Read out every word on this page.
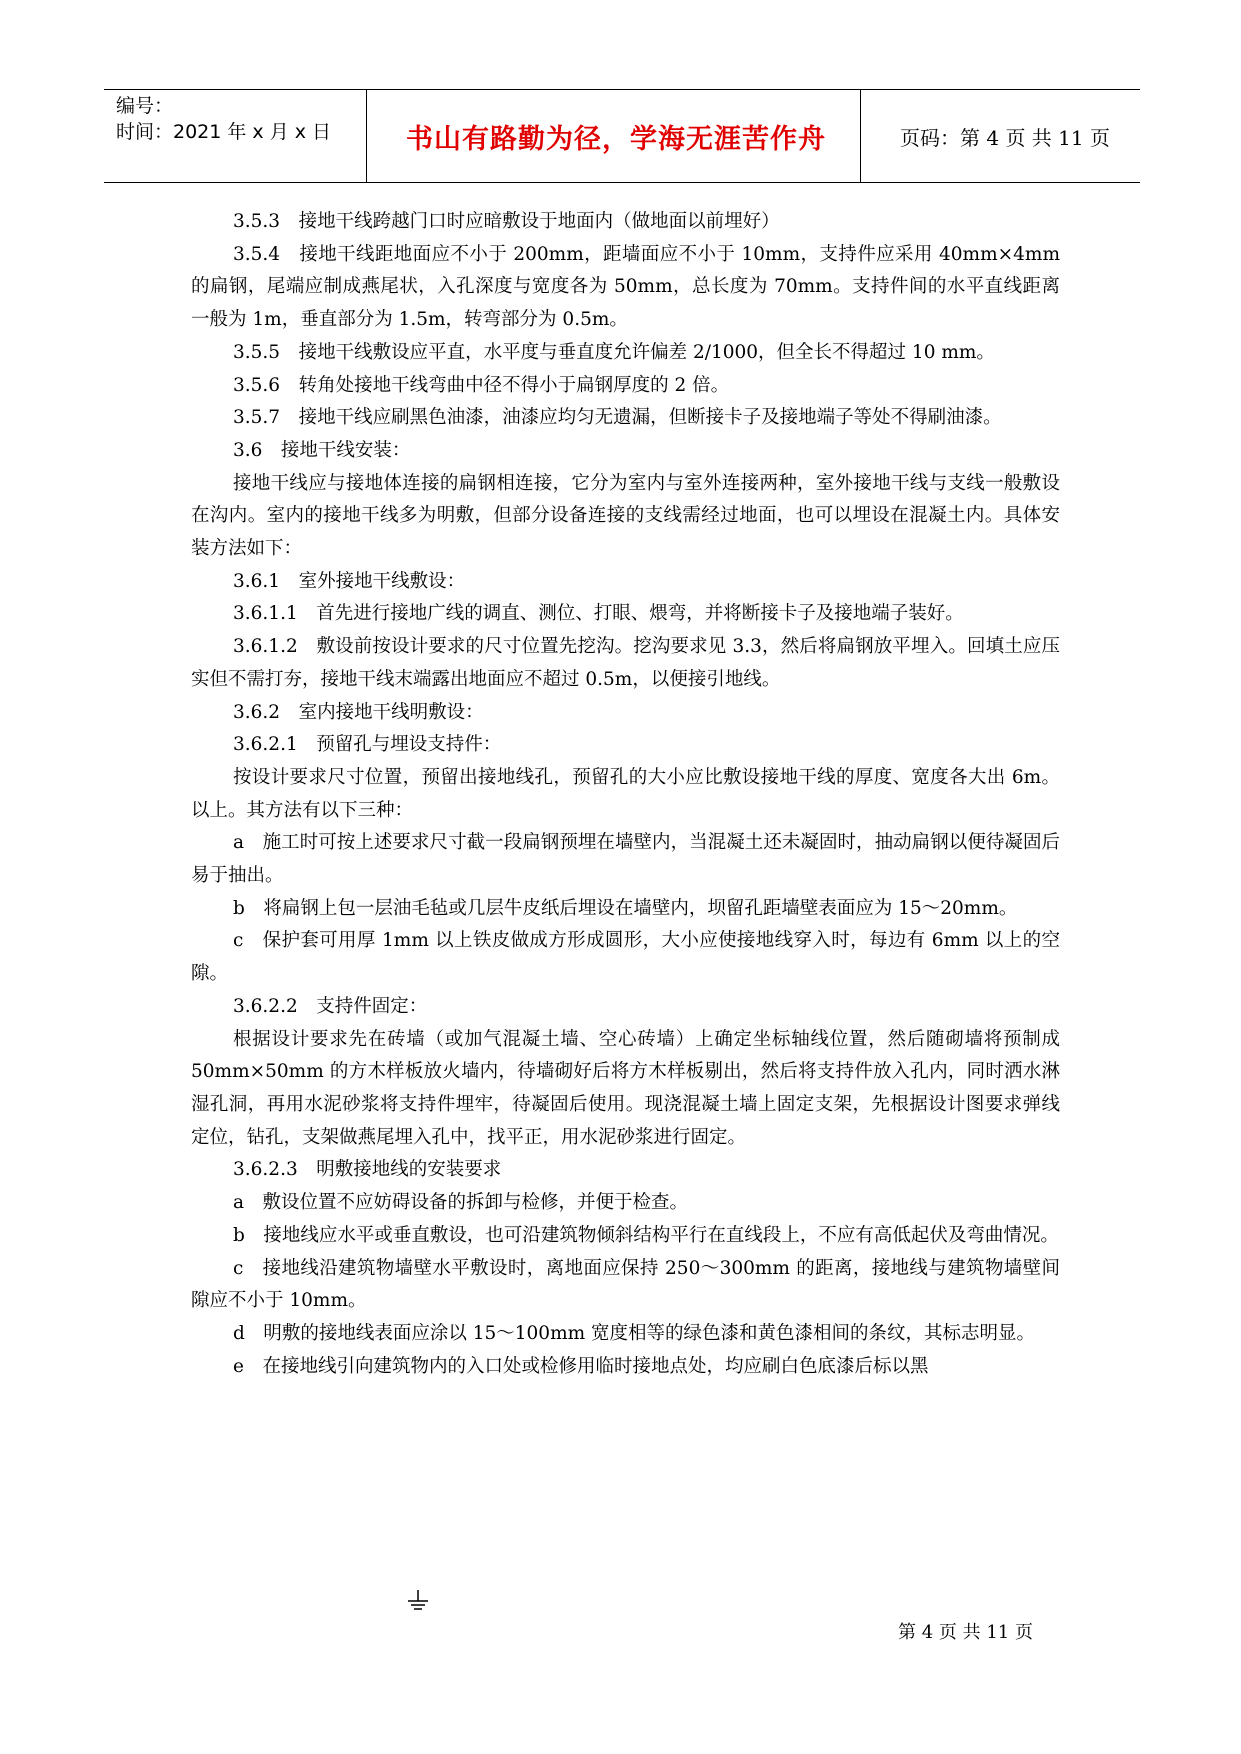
编号：
时间：2021 年 x 月 x 日	书山有路勤为径，学海无涯苦作舟	页码：第 4 页 共 11 页

3.5.3　接地干线跨越门口时应暗敷设于地面内（做地面以前埋好）

3.5.4　接地干线距地面应不小于 200mm，距墙面应不小于 10mm，支持件应采用 40mm×4mm 的扁钢，尾端应制成燕尾状，入孔深度与宽度各为 50mm，总长度为 70mm。支持件间的水平直线距离一般为 1m，垂直部分为 1.5m，转弯部分为 0.5m。

3.5.5　接地干线敷设应平直，水平度与垂直度允许偏差 2/1000，但全长不得超过 10 mm。

3.5.6　转角处接地干线弯曲中径不得小于扁钢厚度的 2 倍。

3.5.7　接地干线应刷黑色油漆，油漆应均匀无遗漏，但断接卡子及接地端子等处不得刷油漆。

3.6　接地干线安装：

接地干线应与接地体连接的扁钢相连接，它分为室内与室外连接两种，室外接地干线与支线一般敷设在沟内。室内的接地干线多为明敷，但部分设备连接的支线需经过地面，也可以埋设在混凝土内。具体安装方法如下：

3.6.1　室外接地干线敷设：

3.6.1.1　首先进行接地广线的调直、测位、打眼、煨弯，并将断接卡子及接地端子装好。

3.6.1.2　敷设前按设计要求的尺寸位置先挖沟。挖沟要求见 3.3，然后将扁钢放平埋入。回填土应压实但不需打夯，接地干线末端露出地面应不超过 0.5m，以便接引地线。

3.6.2　室内接地干线明敷设：

3.6.2.1　预留孔与埋设支持件：

按设计要求尺寸位置，预留出接地线孔，预留孔的大小应比敷设接地干线的厚度、宽度各大出 6m。以上。其方法有以下三种：

a　施工时可按上述要求尺寸截一段扁钢预埋在墙壁内，当混凝土还未凝固时，抽动扁钢以便待凝固后易于抽出。

b　将扁钢上包一层油毛毡或几层牛皮纸后埋设在墙壁内，坝留孔距墙壁表面应为 15～20mm。

c　保护套可用厚 1mm 以上铁皮做成方形成圆形，大小应使接地线穿入时，每边有 6mm 以上的空隙。

3.6.2.2　支持件固定：

根据设计要求先在砖墙（或加气混凝土墙、空心砖墙）上确定坐标轴线位置，然后随砌墙将预制成 50mm×50mm 的方木样板放火墙内，待墙砌好后将方木样板剔出，然后将支持件放入孔内，同时洒水淋湿孔洞，再用水泥砂浆将支持件埋牢，待凝固后使用。现浇混凝土墙上固定支架，先根据设计图要求弹线定位，钻孔，支架做燕尾埋入孔中，找平正，用水泥砂浆进行固定。

3.6.2.3　明敷接地线的安装要求

a　敷设位置不应妨碍设备的拆卸与检修，并便于检查。

b　接地线应水平或垂直敷设，也可沿建筑物倾斜结构平行在直线段上，不应有高低起伏及弯曲情况。

c　接地线沿建筑物墙壁水平敷设时，离地面应保持 250～300mm 的距离，接地线与建筑物墙壁间隙应不小于 10mm。

d　明敷的接地线表面应涂以 15～100mm 宽度相等的绿色漆和黄色漆相间的条纹，其标志明显。

e　在接地线引向建筑物内的入口处或检修用临时接地点处，均应刷白色底漆后标以黑

第 4 页 共 11 页
